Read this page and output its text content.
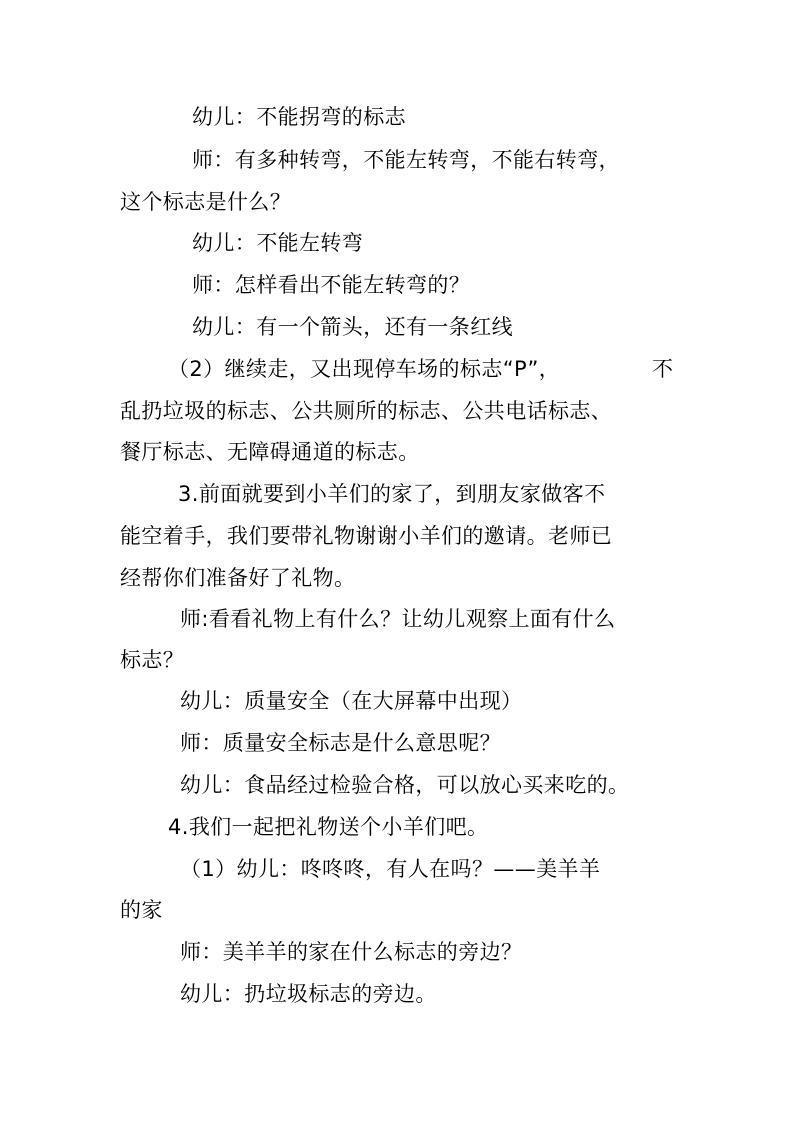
幼儿：不能拐弯的标志
师：有多种转弯，不能左转弯，不能右转弯，
这个标志是什么？
幼儿：不能左转弯
师：怎样看出不能左转弯的？
幼儿：有一个箭头，还有一条红线
（2）继续走，又出现停车场的标志“P”，	不
乱扔垃圾的标志、公共厕所的标志、公共电话标志、
餐厅标志、无障碍通道的标志。
3.前面就要到小羊们的家了，到朋友家做客不
能空着手，我们要带礼物谢谢小羊们的邀请。老师已
经帮你们准备好了礼物。
师:看看礼物上有什么？让幼儿观察上面有什么
标志？
幼儿：质量安全（在大屏幕中出现）
师：质量安全标志是什么意思呢？
幼儿：食品经过检验合格，可以放心买来吃的。
4.我们一起把礼物送个小羊们吧。
（1）幼儿：咚咚咚，有人在吗？——美羊羊
的家
师：美羊羊的家在什么标志的旁边？
幼儿：扔垃圾标志的旁边。
